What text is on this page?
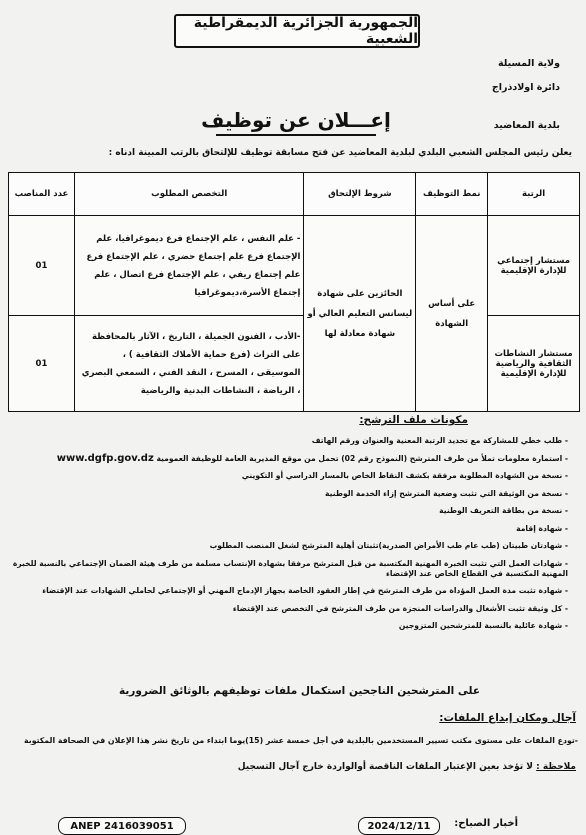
الجمهورية الجزائرية الديمقراطية الشعبية
ولاية المسيلة
دائرة اولادذراج
بلدية المعاضيد
إعـــلان عن توظيف
يعلن رئيس المجلس الشعبي البلدي لبلدية المعاضيد عن فتح مسابقة توظيف للإلتحاق بالرتب المبينة أدناه :
الرتبة	نمط التوظيف	شروط الإلتحاق	التخصص المطلوب	عدد المناصب
مستشار إجتماعي للإدارة الإقليمية	على أساس الشهادة	الحائزين على شهادة ليسانس التعليم العالي أو شهادة معادلة لها	- علم النفس ، علم الإجتماع فرع ديموغرافيا، علم الإجتماع فرع علم إجتماع حضري ، علم الإجتماع فرع علم إجتماع ريفي ، علم الإجتماع فرع اتصال ، علم إجتماع الأسرة،ديموغرافيا	01
مستشار النشاطات الثقافية والرياضية للإدارة الإقليمية			-الأدب ، الفنون الجميلة ، التاريخ ، الآثار بالمحافظة على التراث (فرع حماية الأملاك الثقافية ) ، الموسيقى ، المسرح ، النقد الفني ، السمعي البصري ، الرياضة ، النشاطات البدنية والرياضية	01
مكونات ملف الترشح:
- طلب خطي للمشاركة مع تحديد الرتبة المعنية والعنوان ورقم الهاتف
- استمارة معلومات تملأ من طرف المترشح (النموذج رقم 02) تحمل من موقع المديرية العامة للوظيفة العمومية www.dgfp.gov.dz
- نسخة من الشهادة المطلوبة مرفقة بكشف النقاط الخاص بالمسار الدراسي أو التكويني
- نسخة من الوثيقة التي تثبت وضعية المترشح إزاء الخدمة الوطنية
- نسخة من بطاقة التعريف الوطنية
- شهادة إقامة
- شهادتان طبيتان (طب عام طب الأمراض الصدرية)تثبتان أهلية المترشح لشغل المنصب المطلوب
- شهادات العمل التي تثبت الخبرة المهنية المكتسبة من قبل المترشح مرفقا بشهادة الإنتساب مسلمة من طرف هيئة الضمان الإجتماعي بالنسبة للخبرة المهنية المكتسبة في القطاع الخاص عند الإقتضاء
- شهادة تثبت مدة العمل المؤداة من طرف المترشح في إطار العقود الخاصة بجهاز الإدماج المهني أو الإجتماعي لحاملي الشهادات عند الإقتضاء
- كل وثيقة تثبت الأشغال والدراسات المنجزة من طرف المترشح في التخصص عند الإقتضاء
- شهادة عائلية بالنسبة للمترشحين المتزوجين
على المترشحين الناجحين استكمال ملفات توظيفهم بالوثائق الضرورية
آجال ومكان إيداع الملفات:
-تودع الملفات على مستوى مكتب تسيير المستخدمين بالبلدية في أجل خمسة عشر (15)يوما ابتداء من تاريخ نشر هذا الإعلان في الصحافة المكتوبة
ملاحظة : لا تؤخذ بعين الإعتبار الملفات الناقصة أوالواردة خارج آجال التسجيل
ANEP 2416039051	2024/12/11	أخبار الصباح:
